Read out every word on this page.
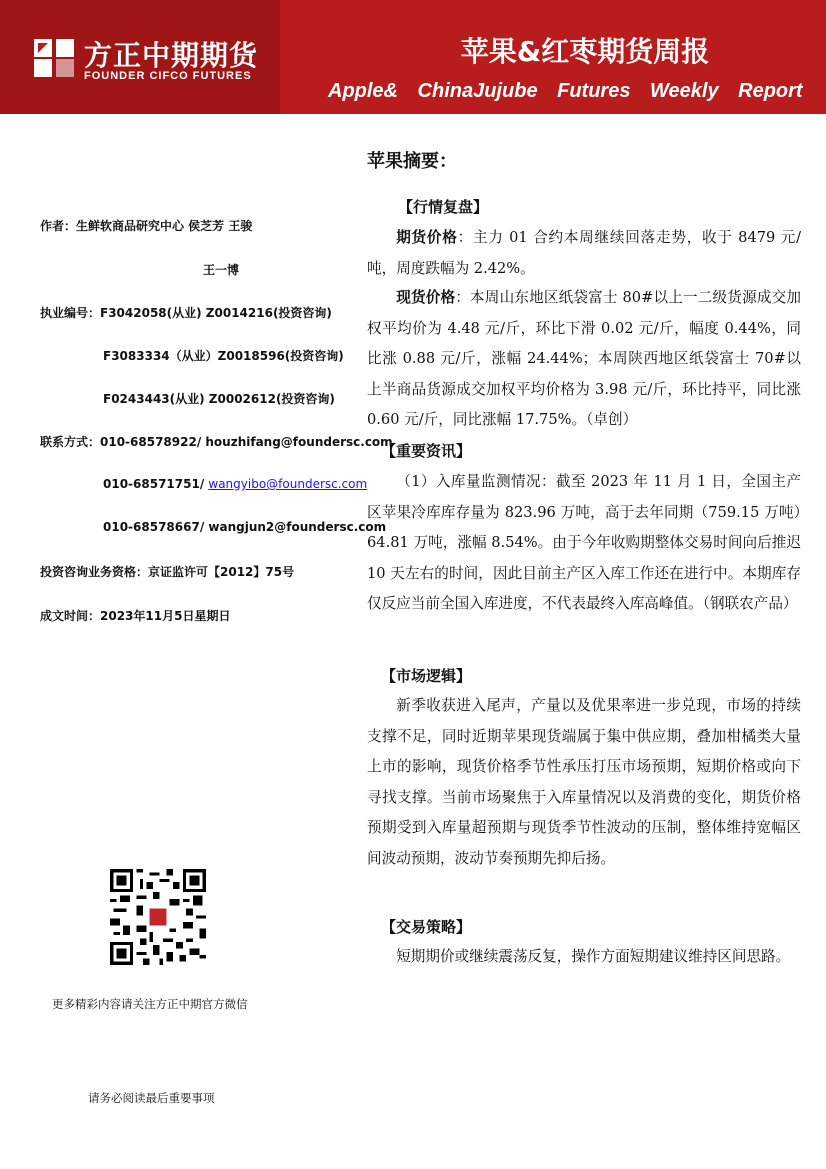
方正中期期货
FOUNDER CIFCO FUTURES
苹果&红枣期货周报
Apple& ChinaJujube Futures Weekly Report
作者：生鲜软商品研究中心 侯芝芳 王骏
王一博
执业编号：F3042058(从业) Z0014216(投资咨询)
F3083334（从业）Z0018596(投资咨询)
F0243443(从业) Z0002612(投资咨询)
联系方式：010-68578922/ houzhifang@foundersc.com
010-68571751/ wangyibo@foundersc.com
010-68578667/ wangjun2@foundersc.com
投资咨询业务资格：京证监许可【2012】75号
成文时间：2023年11月5日星期日
更多精彩内容请关注方正中期官方微信
请务必阅读最后重要事项
苹果摘要：
【行情复盘】

期货价格：主力 01 合约本周继续回落走势，收于 8479 元/吨，周度跌幅为 2.42%。

现货价格：本周山东地区纸袋富士 80#以上一二级货源成交加权平均价为 4.48 元/斤，环比下滑 0.02 元/斤，幅度 0.44%，同比涨 0.88 元/斤，涨幅 24.44%；本周陕西地区纸袋富士 70#以上半商品货源成交加权平均价格为 3.98 元/斤，环比持平，同比涨 0.60 元/斤，同比涨幅 17.75%。（卓创）

【重要资讯】

（1）入库量监测情况：截至 2023 年 11 月 1 日，全国主产区苹果冷库库存量为 823.96 万吨，高于去年同期（759.15 万吨）64.81 万吨，涨幅 8.54%。由于今年收购期整体交易时间向后推迟 10 天左右的时间，因此目前主产区入库工作还在进行中。本期库存仅反应当前全国入库进度，不代表最终入库高峰值。（钢联农产品）

【市场逻辑】

新季收获进入尾声，产量以及优果率进一步兑现，市场的持续支撑不足，同时近期苹果现货端属于集中供应期，叠加柑橘类大量上市的影响，现货价格季节性承压打压市场预期，短期价格或向下寻找支撑。当前市场聚焦于入库量情况以及消费的变化，期货价格预期受到入库量超预期与现货季节性波动的压制，整体维持宽幅区间波动预期，波动节奏预期先抑后扬。

【交易策略】

短期期价或继续震荡反复，操作方面短期建议维持区间思路。
